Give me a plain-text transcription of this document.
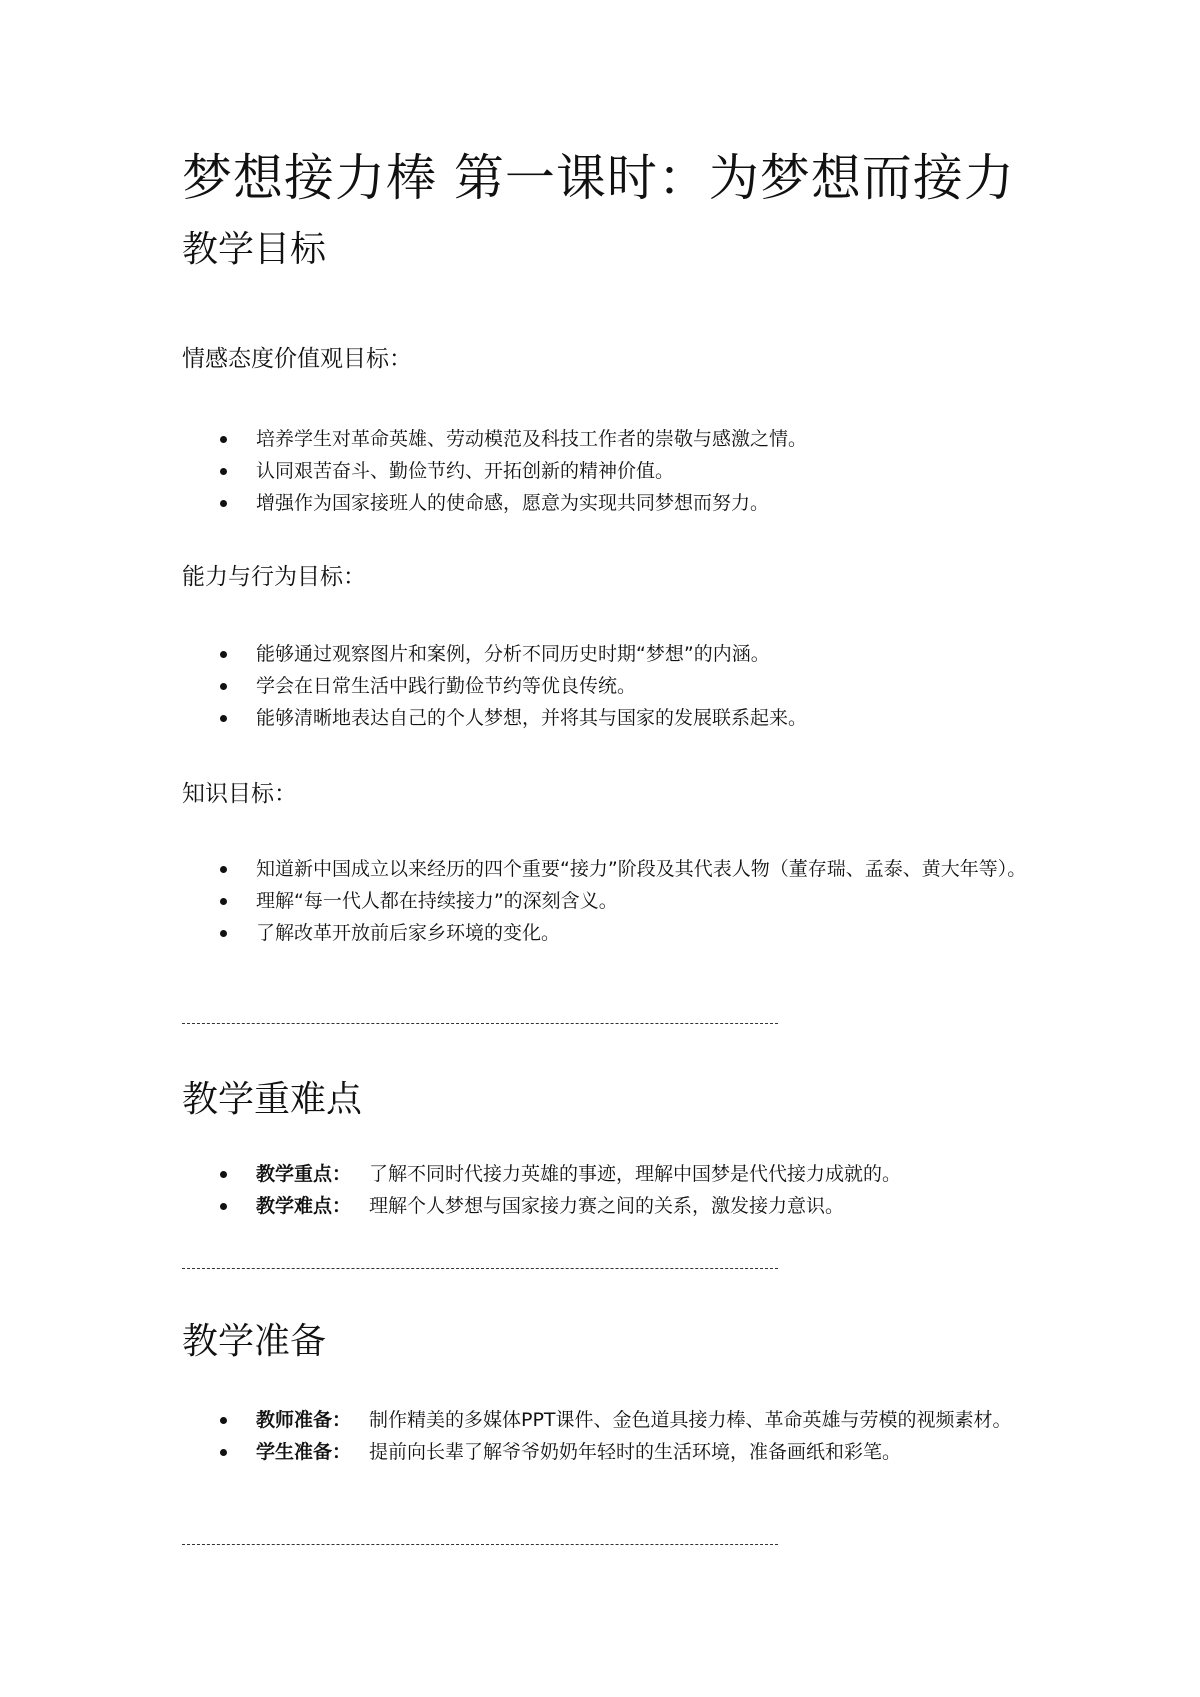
梦想接力棒 第一课时：为梦想而接力
教学目标
情感态度价值观目标：
培养学生对革命英雄、劳动模范及科技工作者的崇敬与感激之情。
认同艰苦奋斗、勤俭节约、开拓创新的精神价值。
增强作为国家接班人的使命感，愿意为实现共同梦想而努力。
能力与行为目标：
能够通过观察图片和案例，分析不同历史时期“梦想”的内涵。
学会在日常生活中践行勤俭节约等优良传统。
能够清晰地表达自己的个人梦想，并将其与国家的发展联系起来。
知识目标：
知道新中国成立以来经历的四个重要“接力”阶段及其代表人物（董存瑞、孟泰、黄大年等）。
理解“每一代人都在持续接力”的深刻含义。
了解改革开放前后家乡环境的变化。
教学重难点
教学重点： 了解不同时代接力英雄的事迹，理解中国梦是代代接力成就的。
教学难点： 理解个人梦想与国家接力赛之间的关系，激发接力意识。
教学准备
教师准备： 制作精美的多媒体PPT课件、金色道具接力棒、革命英雄与劳模的视频素材。
学生准备： 提前向长辈了解爷爷奶奶年轻时的生活环境，准备画纸和彩笔。
